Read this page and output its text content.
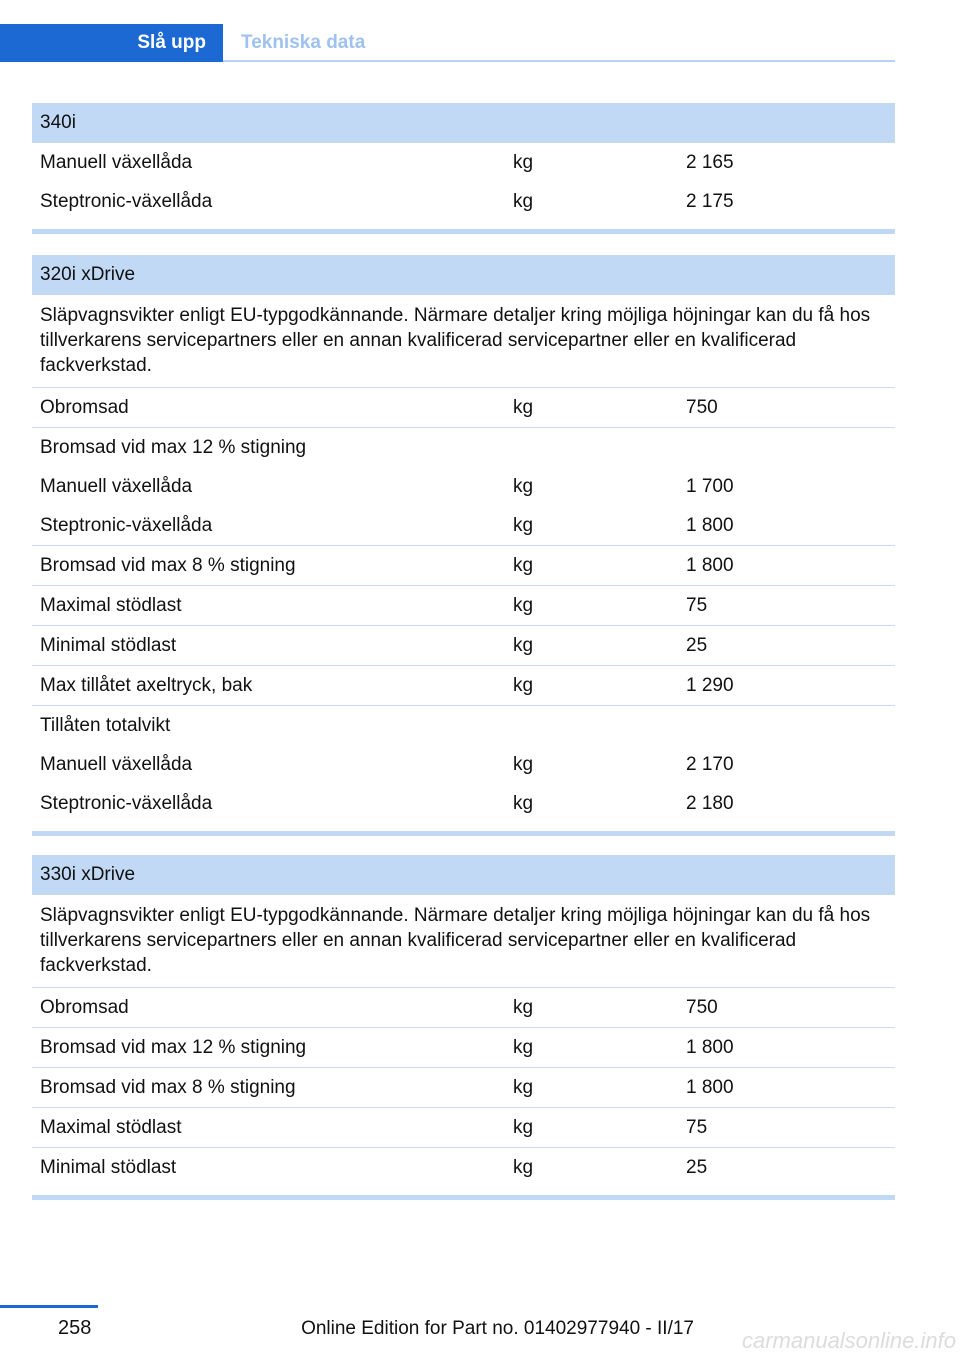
Slå upp	Tekniska data
340i
Manuell växellåda	kg	2 165
Steptronic-växellåda	kg	2 175
320i xDrive
Släpvagnsvikter enligt EU-typgodkännande. Närmare detaljer kring möjliga höjningar kan du få hos tillverkarens servicepartners eller en annan kvalificerad servicepartner eller en kvalificerad fackverkstad.
Obromsad	kg	750
Bromsad vid max 12 % stigning
Manuell växellåda	kg	1 700
Steptronic-växellåda	kg	1 800
Bromsad vid max 8 % stigning	kg	1 800
Maximal stödlast	kg	75
Minimal stödlast	kg	25
Max tillåtet axeltryck, bak	kg	1 290
Tillåten totalvikt
Manuell växellåda	kg	2 170
Steptronic-växellåda	kg	2 180
330i xDrive
Släpvagnsvikter enligt EU-typgodkännande. Närmare detaljer kring möjliga höjningar kan du få hos tillverkarens servicepartners eller en annan kvalificerad servicepartner eller en kvalificerad fackverkstad.
Obromsad	kg	750
Bromsad vid max 12 % stigning	kg	1 800
Bromsad vid max 8 % stigning	kg	1 800
Maximal stödlast	kg	75
Minimal stödlast	kg	25
258	Online Edition for Part no. 01402977940 - II/17 carmanualsonline.info
